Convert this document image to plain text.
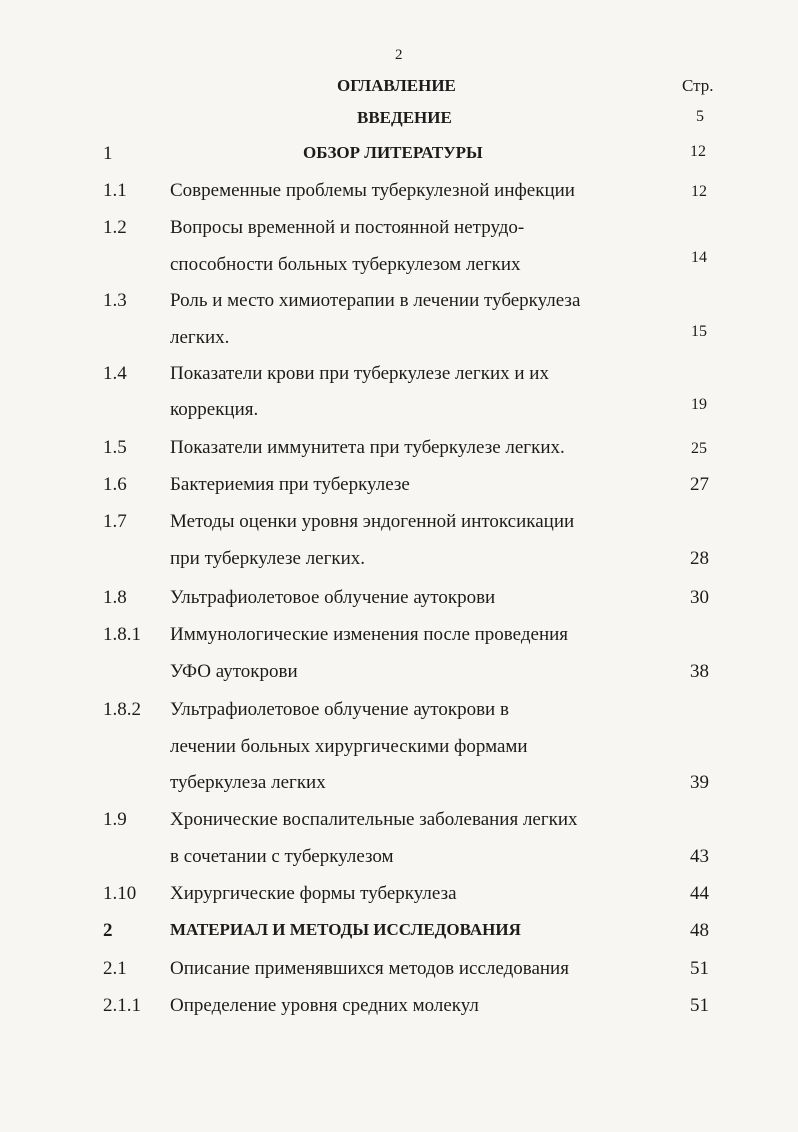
2
ОГЛАВЛЕНИЕ	Стр.
ВВЕДЕНИЕ	5
1	ОБЗОР ЛИТЕРАТУРЫ	12
1.1 Современные проблемы туберкулезной инфекции	12
1.2 Вопросы временной и постоянной нетрудо-
способности больных туберкулезом легких	14
1.3 Роль и место химиотерапии в лечении туберкулеза
легких.	15
1.4 Показатели крови при туберкулезе легких и их
коррекция.	19
1.5 Показатели иммунитета при туберкулезе легких.	25
1.6 Бактериемия при туберкулезе	27
1.7 Методы оценки уровня эндогенной интоксикации
при туберкулезе легких.	28
1.8 Ультрафиолетовое облучение аутокрови	30
1.8.1 Иммунологические изменения после проведения
УФО аутокрови	38
1.8.2 Ультрафиолетовое облучение аутокрови в
лечении больных хирургическими формами
туберкулеза легких	39
1.9 Хронические воспалительные заболевания легких
в сочетании с туберкулезом	43
1.10 Хирургические формы туберкулеза	44
2	МАТЕРИАЛ И МЕТОДЫ ИССЛЕДОВАНИЯ	48
2.1 Описание применявшихся методов исследования	51
2.1.1 Определение уровня средних молекул	51
